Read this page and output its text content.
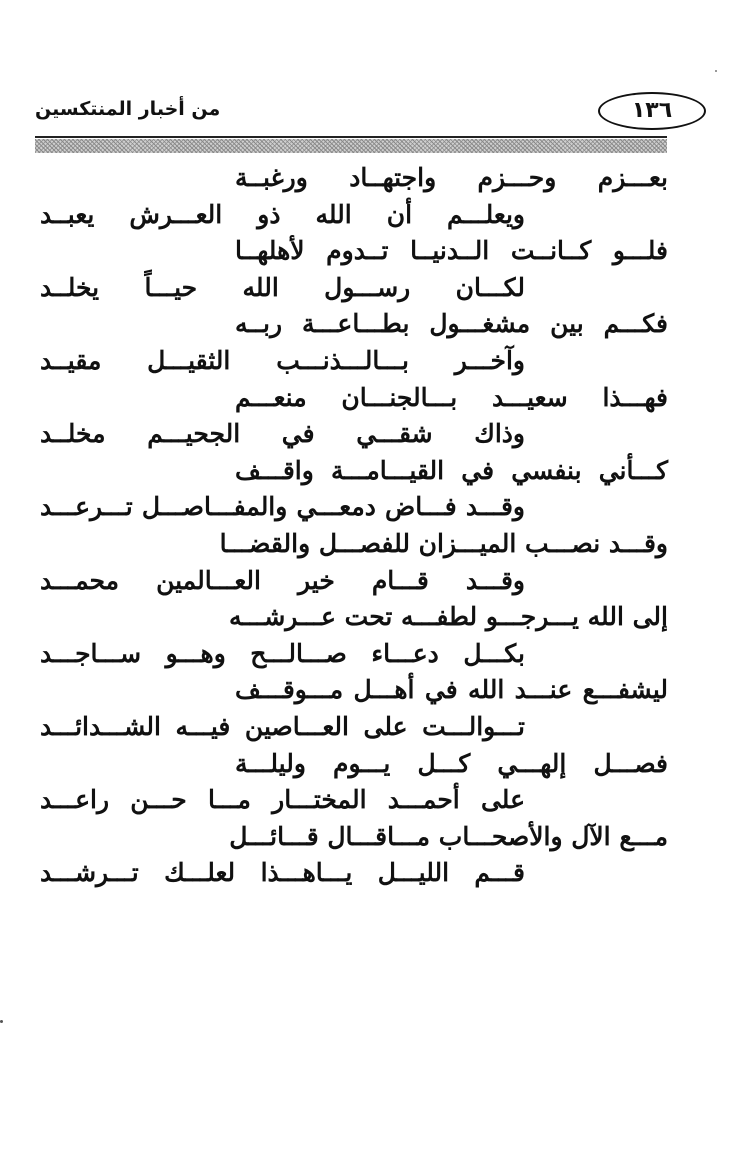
من أخبار المنتكسين	١٣٦
بعـــزم وحـــزم واجتهــاد ورغبــة
ويعلـــم أن الله ذو العـــرش يعبــد
فلـــو كــانــت الــدنيــا تــدوم لأهلهــا
لكـــان رســـول الله حيـــاً يخلــد
فكـــم بين مشغـــول بطـــاعـــة ربــه
وآخـــر بـــالـــذنـــب الثقيـــل مقيــد
فهـــذا سعيـــد بـــالجنـــان منعـــم
وذاك شقـــي في الجحيـــم مخلــد
كـــأني بنفسي في القيـــامـــة واقـــف
وقـــد فـــاض دمعـــي والمفـــاصـــل تـــرعـــد
وقـــد نصـــب الميـــزان للفصـــل والقضـــا
وقـــد قـــام خير العـــالمين محمـــد
إلى الله يـــرجـــو لطفـــه تحت عـــرشـــه
بكـــل دعـــاء صـــالـــح وهـــو ســـاجـــد
ليشفـــع عنـــد الله في أهـــل مـــوقـــف
تـــوالـــت على العـــاصين فيـــه الشـــدائـــد
فصـــل إلهـــي كـــل يـــوم وليلـــة
على أحمـــد المختـــار مـــا حـــن راعـــد
مـــع الآل والأصحـــاب مـــاقـــال قـــائـــل
قـــم الليـــل يـــاهـــذا لعلـــك تـــرشـــد
